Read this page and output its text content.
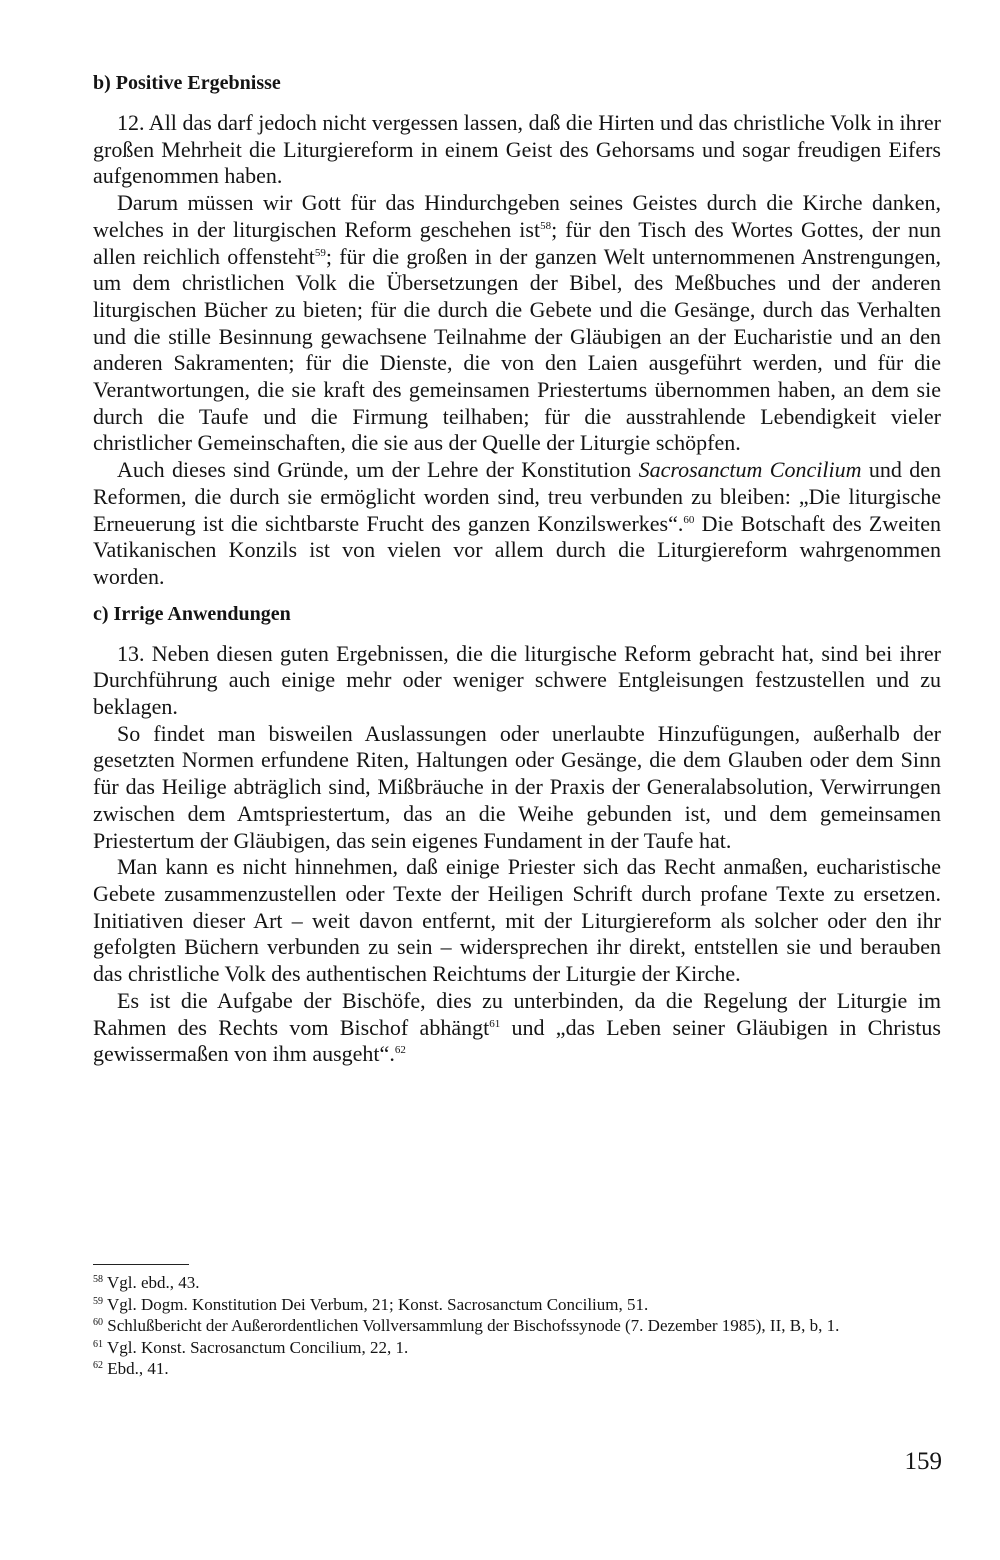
b) Positive Ergebnisse

12. All das darf jedoch nicht vergessen lassen, daß die Hirten und das christliche Volk in ihrer großen Mehrheit die Liturgiereform in einem Geist des Gehorsams und sogar freudigen Eifers aufgenommen haben.

Darum müssen wir Gott für das Hindurchgeben seines Geistes durch die Kirche danken, welches in der liturgischen Reform geschehen ist$^{58}$; für den Tisch des Wortes Gottes, der nun allen reichlich offensteht$^{59}$; für die großen in der ganzen Welt unternommenen Anstrengungen, um dem christlichen Volk die Übersetzungen der Bibel, des Meßbuches und der anderen liturgischen Bücher zu bieten; für die durch die Gebete und die Gesänge, durch das Verhalten und die stille Besinnung gewachsene Teilnahme der Gläubigen an der Eucharistie und an den anderen Sakramenten; für die Dienste, die von den Laien ausgeführt werden, und für die Verantwortungen, die sie kraft des gemeinsamen Priestertums übernommen haben, an dem sie durch die Taufe und die Firmung teilhaben; für die ausstrahlende Lebendigkeit vieler christlicher Gemeinschaften, die sie aus der Quelle der Liturgie schöpfen.

Auch dieses sind Gründe, um der Lehre der Konstitution Sacrosanctum Concilium und den Reformen, die durch sie ermöglicht worden sind, treu verbunden zu bleiben: „Die liturgische Erneuerung ist die sichtbarste Frucht des ganzen Konzilswerkes“.$^{60}$ Die Botschaft des Zweiten Vatikanischen Konzils ist von vielen vor allem durch die Liturgiereform wahrgenommen worden.

c) Irrige Anwendungen

13. Neben diesen guten Ergebnissen, die die liturgische Reform gebracht hat, sind bei ihrer Durchführung auch einige mehr oder weniger schwere Entgleisungen festzustellen und zu beklagen.

So findet man bisweilen Auslassungen oder unerlaubte Hinzufügungen, außerhalb der gesetzten Normen erfundene Riten, Haltungen oder Gesänge, die dem Glauben oder dem Sinn für das Heilige abträglich sind, Mißbräuche in der Praxis der Generalabsolution, Verwirrungen zwischen dem Amtspriestertum, das an die Weihe gebunden ist, und dem gemeinsamen Priestertum der Gläubigen, das sein eigenes Fundament in der Taufe hat.

Man kann es nicht hinnehmen, daß einige Priester sich das Recht anmaßen, eucharistische Gebete zusammenzustellen oder Texte der Heiligen Schrift durch profane Texte zu ersetzen. Initiativen dieser Art – weit davon entfernt, mit der Liturgiereform als solcher oder den ihr gefolgten Büchern verbunden zu sein – widersprechen ihr direkt, entstellen sie und berauben das christliche Volk des authentischen Reichtums der Liturgie der Kirche.

Es ist die Aufgabe der Bischöfe, dies zu unterbinden, da die Regelung der Liturgie im Rahmen des Rechts vom Bischof abhängt$^{61}$ und „das Leben seiner Gläubigen in Christus gewissermaßen von ihm ausgeht“.$^{62}$

$^{58}$ Vgl. ebd., 43.

$^{59}$ Vgl. Dogm. Konstitution Dei Verbum, 21; Konst. Sacrosanctum Concilium, 51.

$^{60}$ Schlußbericht der Außerordentlichen Vollversammlung der Bischofssynode (7. Dezember 1985), II, B, b, 1.

$^{61}$ Vgl. Konst. Sacrosanctum Concilium, 22, 1.

$^{62}$ Ebd., 41.

159
